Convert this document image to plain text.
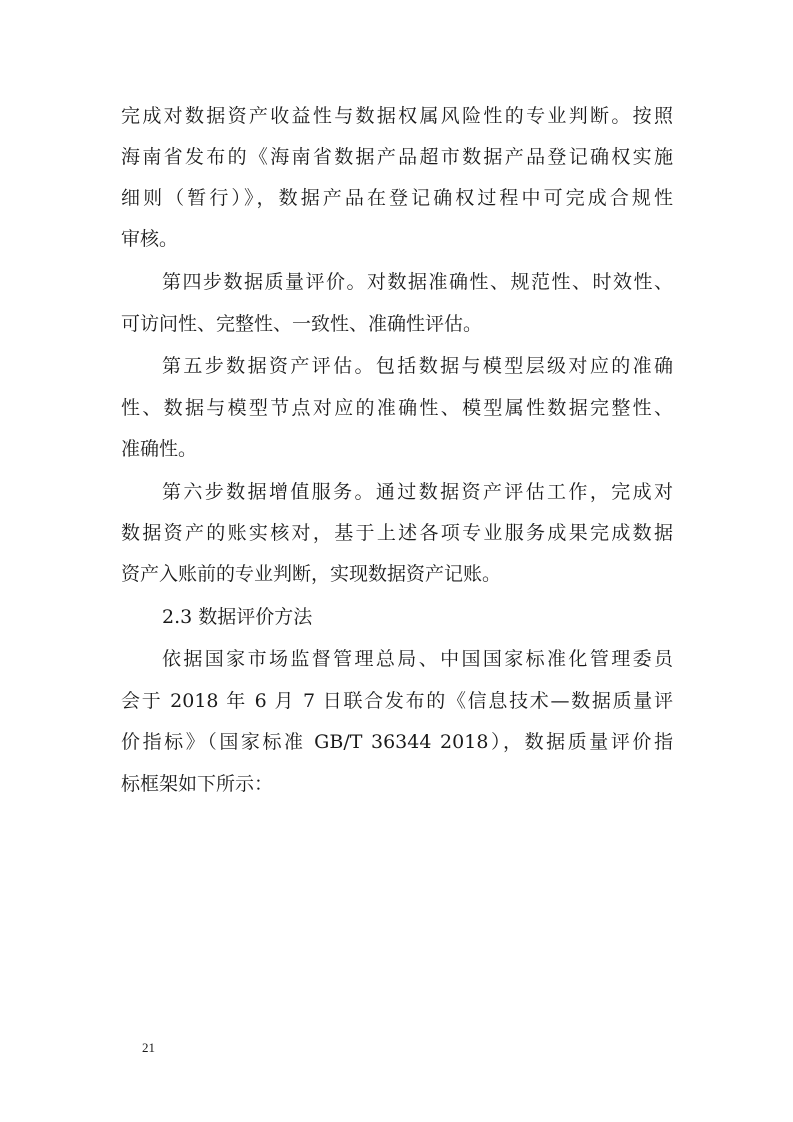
完成对数据资产收益性与数据权属风险性的专业判断。按照
海南省发布的《海南省数据产品超市数据产品登记确权实施
细则（暂行）》，数据产品在登记确权过程中可完成合规性
审核。
第四步数据质量评价。对数据准确性、规范性、时效性、
可访问性、完整性、一致性、准确性评估。
第五步数据资产评估。包括数据与模型层级对应的准确
性、数据与模型节点对应的准确性、模型属性数据完整性、
准确性。
第六步数据增值服务。通过数据资产评估工作，完成对
数据资产的账实核对，基于上述各项专业服务成果完成数据
资产入账前的专业判断，实现数据资产记账。
2.3 数据评价方法
依据国家市场监督管理总局、中国国家标准化管理委员
会于 2018 年 6 月 7 日联合发布的《信息技术—数据质量评
价指标》（国家标准 GB/T 36344 2018），数据质量评价指
标框架如下所示：
21
